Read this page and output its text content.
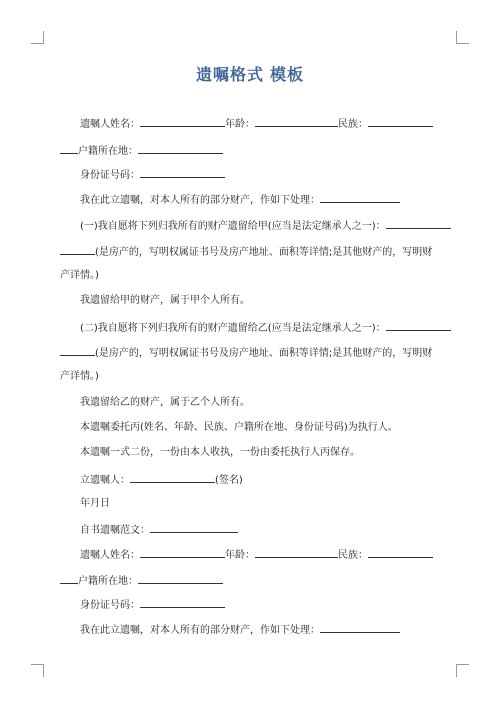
遗嘱格式 模板
遗嘱人姓名：	年龄：	民族：
户籍所在地：
身份证号码：
我在此立遗嘱，对本人所有的部分财产，作如下处理：
(一)我自愿将下列归我所有的财产遗留给甲(应当是法定继承人之一)：
(是房产的，写明权属证书号及房产地址、面积等详情;是其他财产的，写明财
产详情。)
我遗留给甲的财产，属于甲个人所有。
(二)我自愿将下列归我所有的财产遗留给乙(应当是法定继承人之一)：
(是房产的，写明权属证书号及房产地址、面积等详情;是其他财产的，写明财
产详情。)
我遗留给乙的财产，属于乙个人所有。
本遗嘱委托丙(姓名、年龄、民族、户籍所在地、身份证号码)为执行人。
本遗嘱一式二份，一份由本人收执，一份由委托执行人丙保存。
立遗嘱人：	(签名)
年月日
自书遗嘱范文：
遗嘱人姓名：	年龄：	民族：
户籍所在地：
身份证号码：
我在此立遗嘱，对本人所有的部分财产，作如下处理：
